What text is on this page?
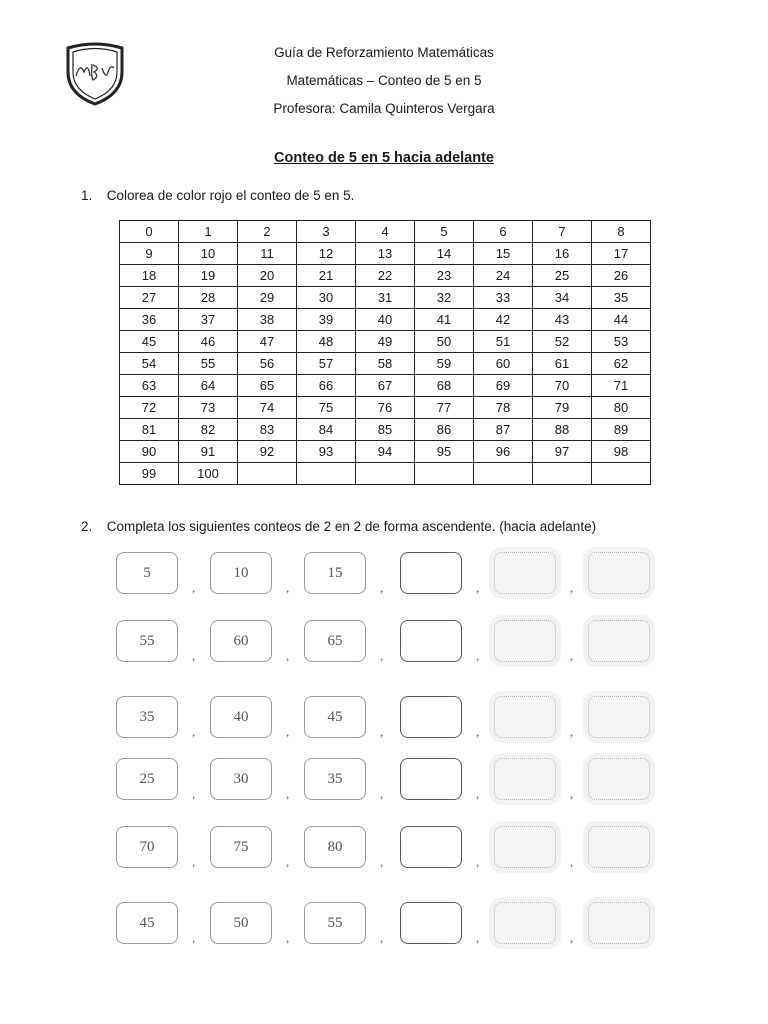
Guía de Reforzamiento Matemáticas
Matemáticas – Conteo de 5 en 5
Profesora: Camila Quinteros Vergara
Conteo de 5 en 5 hacia adelante
1. Colorea de color rojo el conteo de 5 en 5.
0	1	2	3	4	5	6	7	8
9	10	11	12	13	14	15	16	17
18	19	20	21	22	23	24	25	26
27	28	29	30	31	32	33	34	35
36	37	38	39	40	41	42	43	44
45	46	47	48	49	50	51	52	53
54	55	56	57	58	59	60	61	62
63	64	65	66	67	68	69	70	71
72	73	74	75	76	77	78	79	80
81	82	83	84	85	86	87	88	89
90	91	92	93	94	95	96	97	98
99	100							
2. Completa los siguientes conteos de 2 en 2 de forma ascendente. (hacia adelante)
5
,
10
,
15
,	,	,
55
,
60
,
65
,	,	,
35
,
40
,
45
,	,	,
25
,
30
,
35
,	,	,
70
,
75
,
80
,	,	,
45
,
50
,
55
,	,	,
